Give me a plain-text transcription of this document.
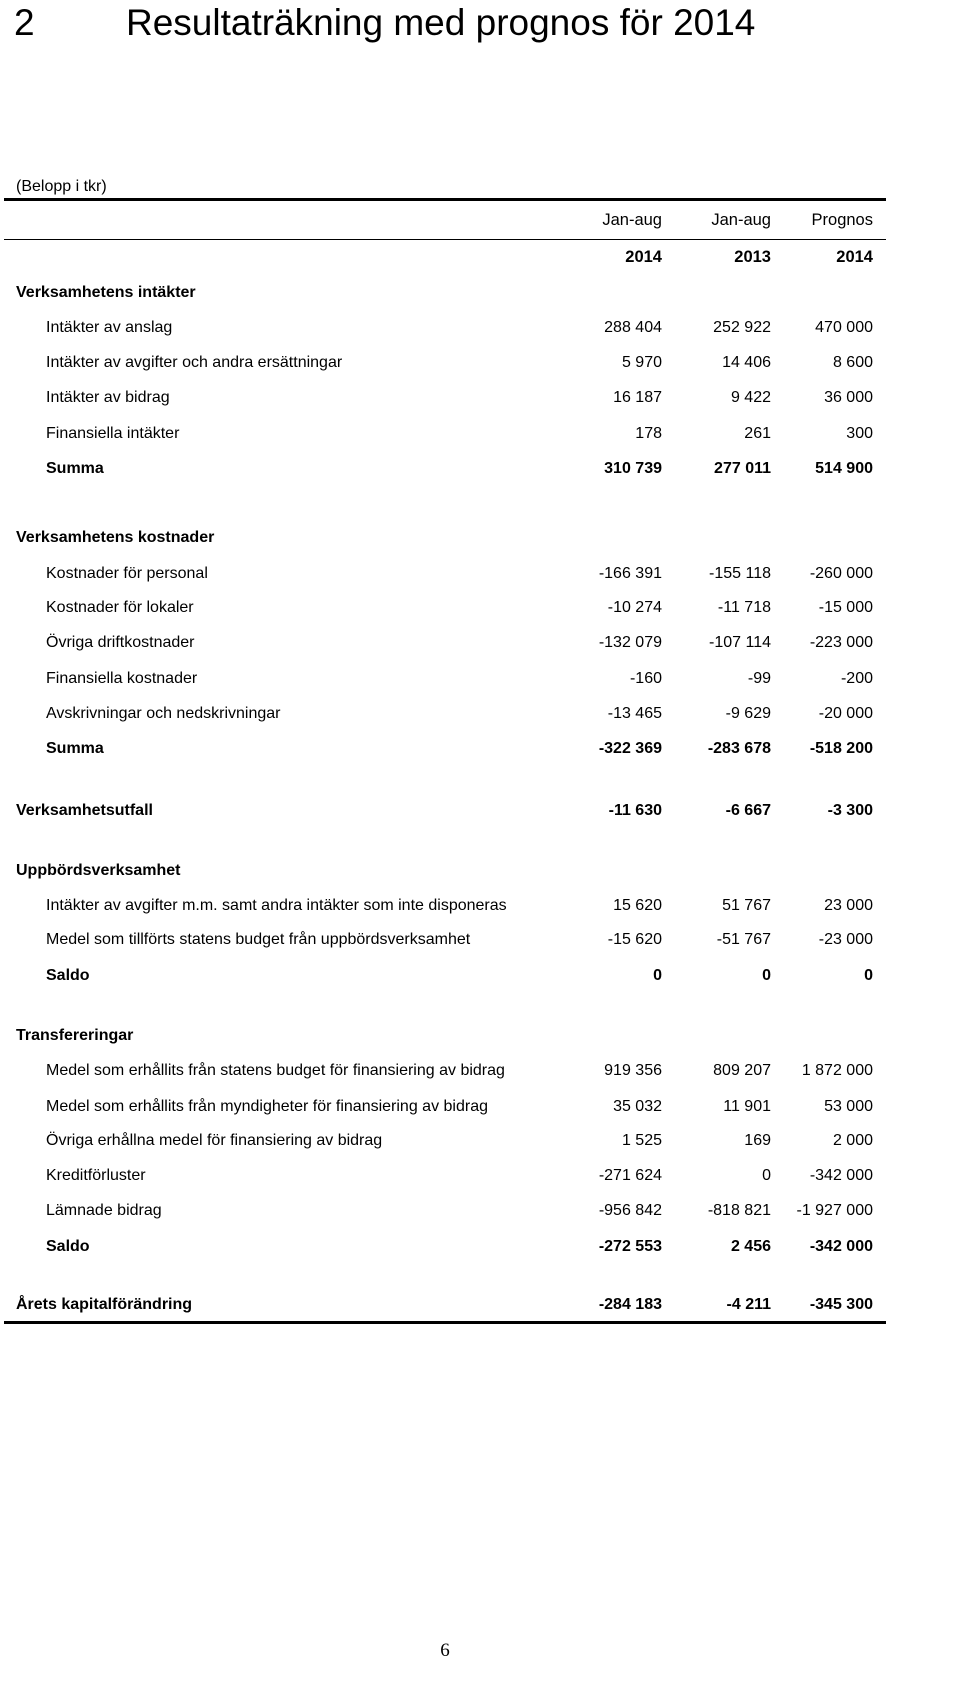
2 Resultaträkning med prognos för 2014
(Belopp i tkr)
Jan-aug	Jan-aug	Prognos
2014	2013	2014
Verksamhetens intäkter
Intäkter av anslag	288 404	252 922	470 000
Intäkter av avgifter och andra ersättningar	5 970	14 406	8 600
Intäkter av bidrag	16 187	9 422	36 000
Finansiella intäkter	178	261	300
Summa	310 739	277 011	514 900
Verksamhetens kostnader
Kostnader för personal	-166 391	-155 118	-260 000
Kostnader för lokaler	-10 274	-11 718	-15 000
Övriga driftkostnader	-132 079	-107 114	-223 000
Finansiella kostnader	-160	-99	-200
Avskrivningar och nedskrivningar	-13 465	-9 629	-20 000
Summa	-322 369	-283 678	-518 200
Verksamhetsutfall	-11 630	-6 667	-3 300
Uppbördsverksamhet
Intäkter av avgifter m.m. samt andra intäkter som inte disponeras	15 620	51 767	23 000
Medel som tillförts statens budget från uppbördsverksamhet	-15 620	-51 767	-23 000
Saldo	0	0	0
Transfereringar
Medel som erhållits från statens budget för finansiering av bidrag	919 356	809 207	1 872 000
Medel som erhållits från myndigheter för finansiering av bidrag	35 032	11 901	53 000
Övriga erhållna medel för finansiering av bidrag	1 525	169	2 000
Kreditförluster	-271 624	0	-342 000
Lämnade bidrag	-956 842	-818 821	-1 927 000
Saldo	-272 553	2 456	-342 000
Årets kapitalförändring	-284 183	-4 211	-345 300
6
